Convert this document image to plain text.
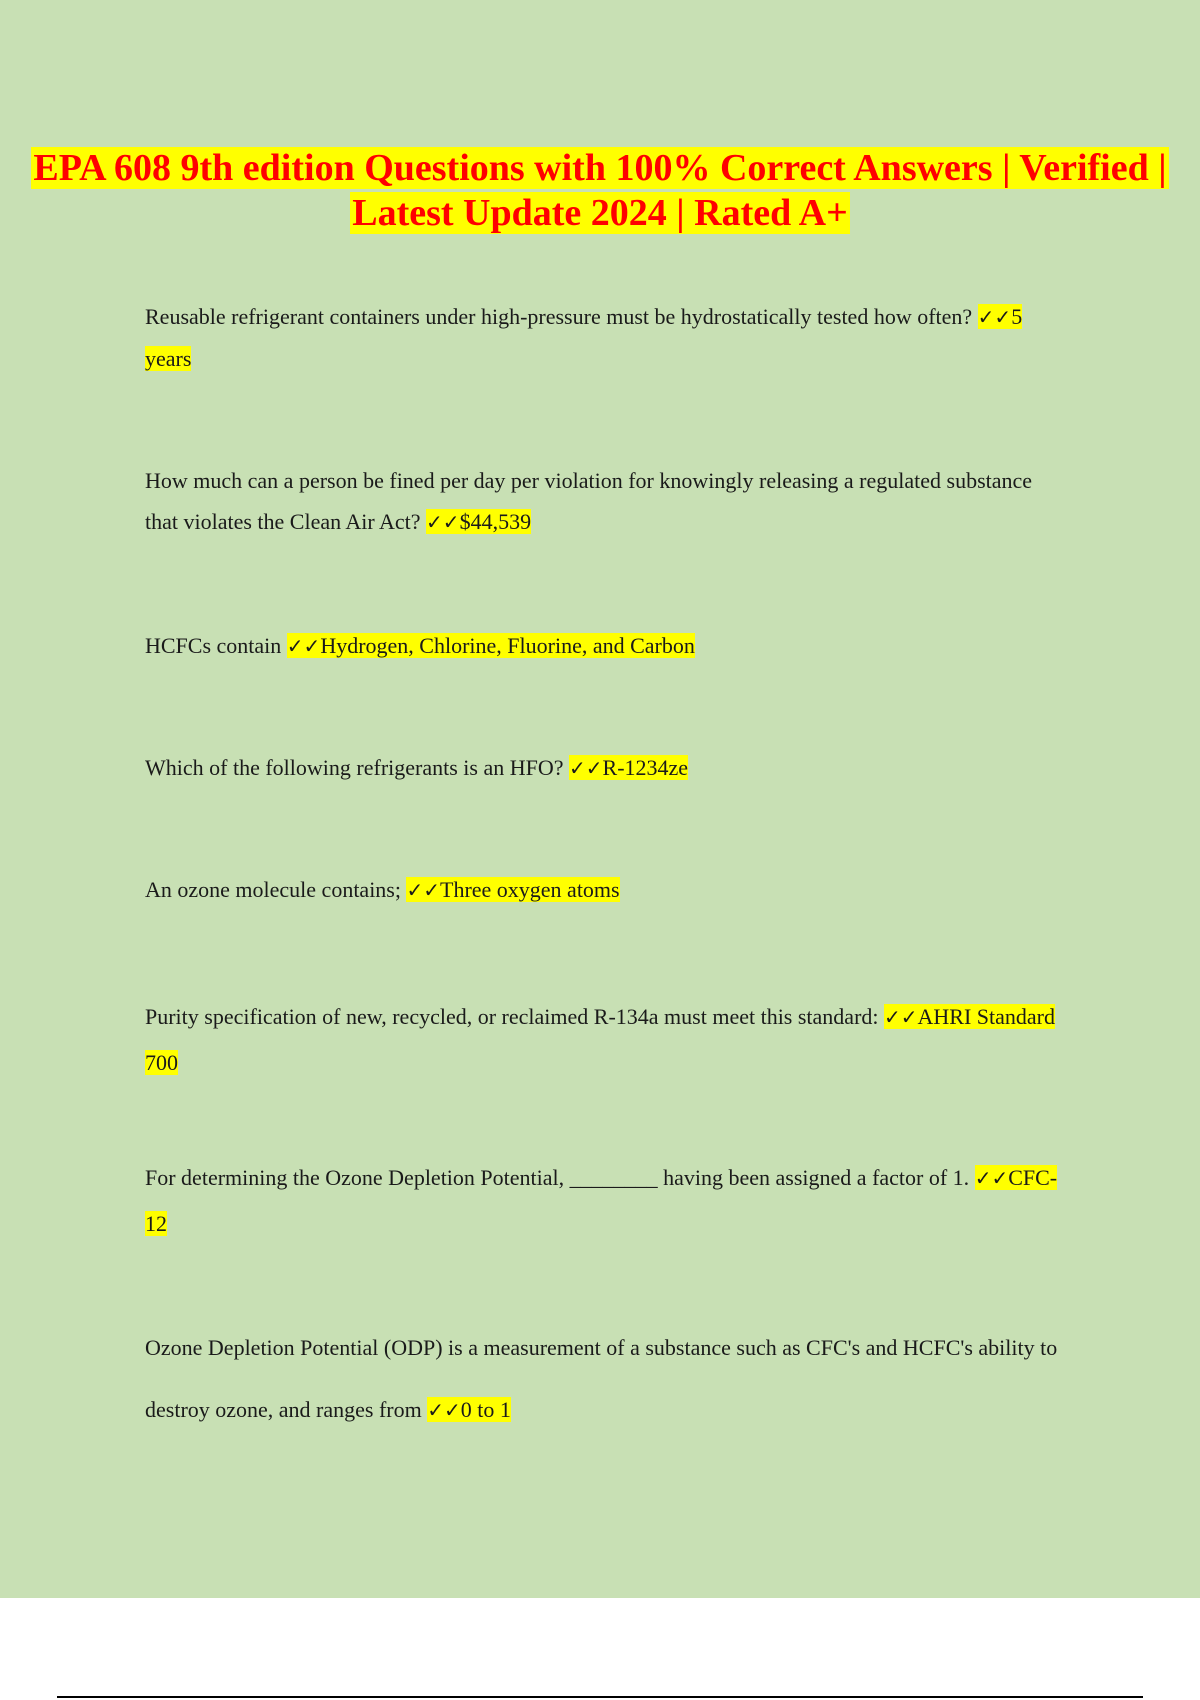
EPA 608 9th edition Questions with 100% Correct Answers | Verified | Latest Update 2024 | Rated A+

Reusable refrigerant containers under high-pressure must be hydrostatically tested how often? ✓✓5 years

How much can a person be fined per day per violation for knowingly releasing a regulated substance that violates the Clean Air Act? ✓✓$44,539

HCFCs contain ✓✓Hydrogen, Chlorine, Fluorine, and Carbon

Which of the following refrigerants is an HFO? ✓✓R-1234ze

An ozone molecule contains; ✓✓Three oxygen atoms

Purity specification of new, recycled, or reclaimed R-134a must meet this standard: ✓✓AHRI Standard 700

For determining the Ozone Depletion Potential, ________ having been assigned a factor of 1. ✓✓CFC-12

Ozone Depletion Potential (ODP) is a measurement of a substance such as CFC's and HCFC's ability to destroy ozone, and ranges from ✓✓0 to 1
